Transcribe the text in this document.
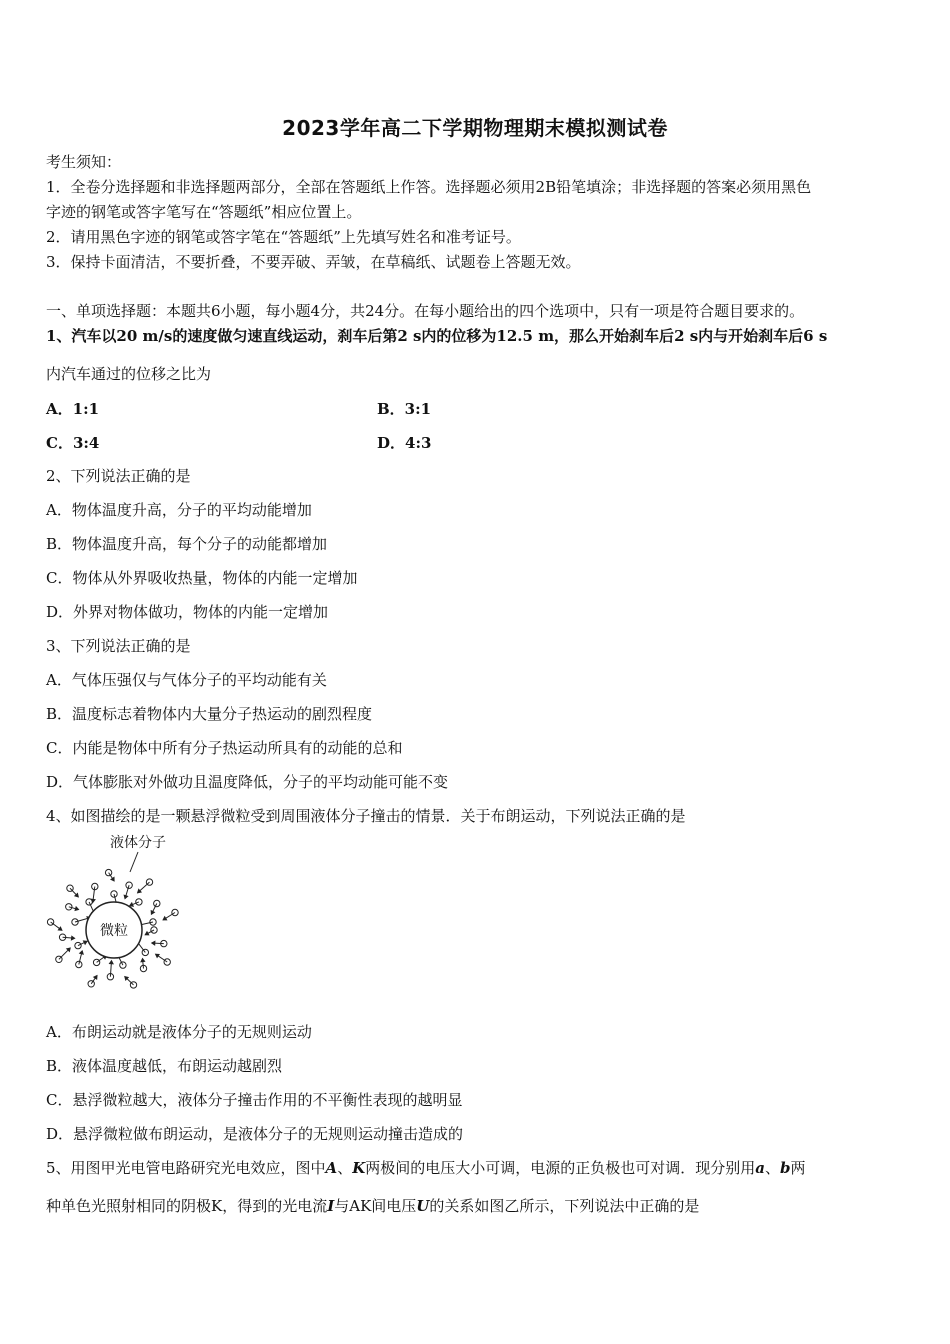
2023学年高二下学期物理期末模拟测试卷
考生须知：
1．全卷分选择题和非选择题两部分，全部在答题纸上作答。选择题必须用2B铅笔填涂；非选择题的答案必须用黑色
字迹的钢笔或答字笔写在“答题纸”相应位置上。
2．请用黑色字迹的钢笔或答字笔在“答题纸”上先填写姓名和准考证号。
3．保持卡面清洁，不要折叠，不要弄破、弄皱，在草稿纸、试题卷上答题无效。
一、单项选择题：本题共6小题，每小题4分，共24分。在每小题给出的四个选项中，只有一项是符合题目要求的。
1、汽车以20 m/s的速度做匀速直线运动，刹车后第2 s内的位移为12.5 m，那么开始刹车后2 s内与开始刹车后6 s
内汽车通过的位移之比为
A．1:1	B．3:1
C．3:4	D．4:3
2、下列说法正确的是
A．物体温度升高，分子的平均动能增加
B．物体温度升高，每个分子的动能都增加
C．物体从外界吸收热量，物体的内能一定增加
D．外界对物体做功，物体的内能一定增加
3、下列说法正确的是
A．气体压强仅与气体分子的平均动能有关
B．温度标志着物体内大量分子热运动的剧烈程度
C．内能是物体中所有分子热运动所具有的动能的总和
D．气体膨胀对外做功且温度降低，分子的平均动能可能不变
4、如图描绘的是一颗悬浮微粒受到周围液体分子撞击的情景．关于布朗运动，下列说法正确的是
液体分子
微粒
A．布朗运动就是液体分子的无规则运动
B．液体温度越低，布朗运动越剧烈
C．悬浮微粒越大，液体分子撞击作用的不平衡性表现的越明显
D．悬浮微粒做布朗运动，是液体分子的无规则运动撞击造成的
5、用图甲光电管电路研究光电效应，图中A、K两极间的电压大小可调，电源的正负极也可对调．现分别用a、b两
种单色光照射相同的阴极K，得到的光电流I与AK间电压U的关系如图乙所示，下列说法中正确的是
